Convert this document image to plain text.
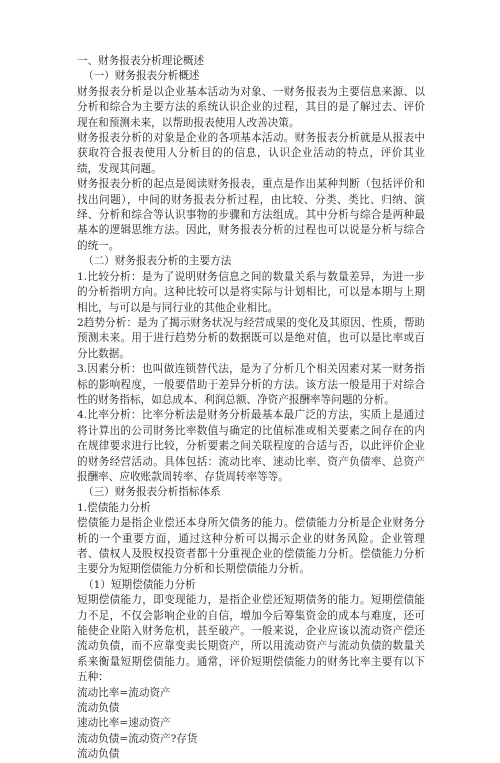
一、财务报表分析理论概述

（一）财务报表分析概述

财务报表分析是以企业基本活动为对象、一财务报表为主要信息来源、以分析和综合为主要方法的系统认识企业的过程，其目的是了解过去、评价现在和预测未来，以帮助报表使用人改善决策。

财务报表分析的对象是企业的各项基本活动。财务报表分析就是从报表中获取符合报表使用人分析目的的信息，认识企业活动的特点，评价其业绩，发现其问题。

财务报表分析的起点是阅读财务报表，重点是作出某种判断（包括评价和找出问题），中间的财务报表分析过程，由比较、分类、类比、归纳、演绎、分析和综合等认识事物的步骤和方法组成。其中分析与综合是两种最基本的逻辑思维方法。因此，财务报表分析的过程也可以说是分析与综合的统一。

（二）财务报表分析的主要方法

1.比较分析：是为了说明财务信息之间的数量关系与数量差异，为进一步的分析指明方向。这种比较可以是将实际与计划相比，可以是本期与上期相比，与可以是与同行业的其他企业相比。

2趋势分析：是为了揭示财务状况与经营成果的变化及其原因、性质，帮助预测未来。用于进行趋势分析的数据既可以是绝对值，也可以是比率或百分比数据。

3.因素分析：也叫做连锁替代法，是为了分析几个相关因素对某一财务指标的影响程度，一般要借助于差异分析的方法。该方法一般是用于对综合性的财务指标，如总成本、利润总额、净资产报酬率等问题的分析。

4.比率分析：比率分析法是财务分析最基本最广泛的方法，实质上是通过将计算出的公司財务比率数值与确定的比值标准或相关要素之间存在的内在规律要求进行比较，分析要素之间关联程度的合适与否，以此评价企业的财务经营活动。具体包括：流动比率、速动比率、资产负债率、总资产报酬率、应收账款周转率、存货周转率等等。

（三）财务报表分析指标体系

1.偿债能力分析

偿债能力是指企业偿还本身所欠债务的能力。偿债能力分析是企业财务分析的一个重要方面，通过这种分析可以揭示企业的财务风险。企业管理者、债权人及股权投资者都十分重视企业的偿债能力分析。偿债能力分析主要分为短期偿债能力分析和长期偿债能力分析。

（1）短期偿债能力分析

短期偿债能力，即变现能力，是指企业偿还短期债务的能力。短期偿债能力不足，不仅会影响企业的自信，增加今后筹集资金的成本与难度，还可能使企业陷入财务危机，甚至破产。一般来说，企业应该以流动资产偿还流动负债，而不应靠变卖长期资产，所以用流动资产与流动负债的数量关系来衡量短期偿债能力。通常，评价短期偿债能力的财务比率主要有以下五种：

流动比率=流动资产

流动负债

速动比率=速动资产

流动负债=流动资产?存货

流动负债
